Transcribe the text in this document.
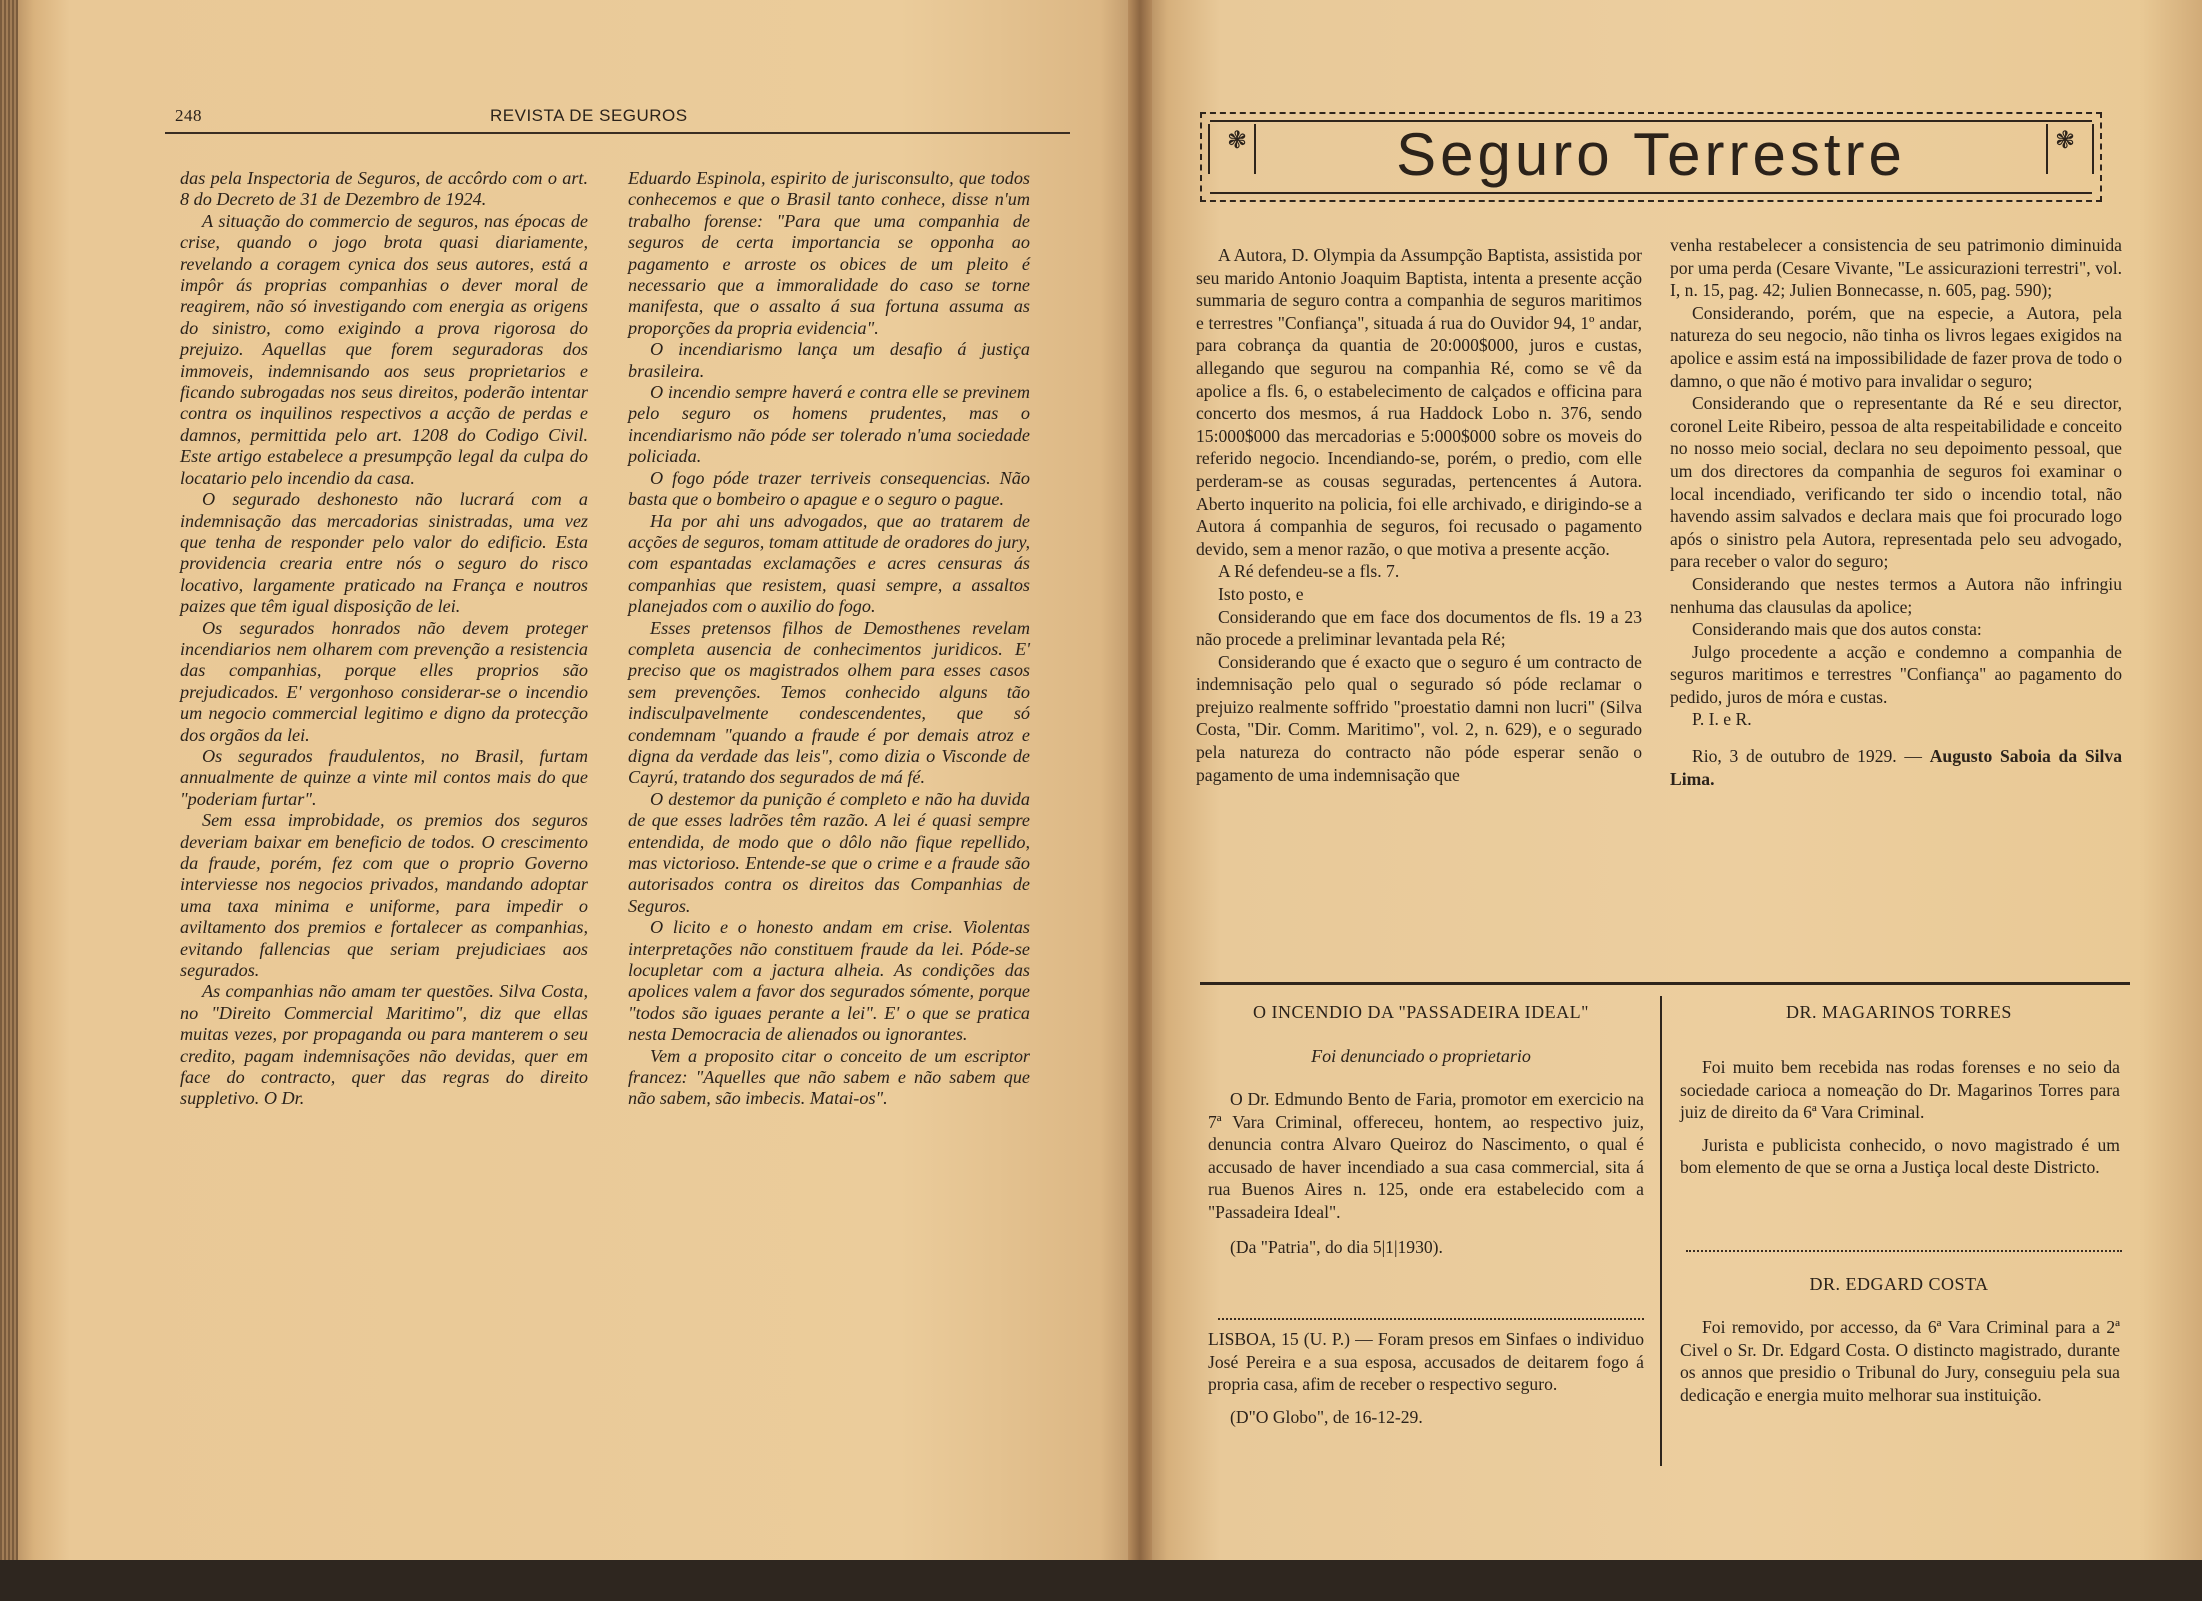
248	REVISTA DE SEGUROS

das pela Inspectoria de Seguros, de accôrdo com o art. 8 do Decreto de 31 de Dezembro de 1924.

A situação do commercio de seguros, nas épocas de crise, quando o jogo brota quasi diariamente, revelando a coragem cynica dos seus autores, está a impôr ás proprias companhias o dever moral de reagirem, não só investigando com energia as origens do sinistro, como exigindo a prova rigorosa do prejuizo. Aquellas que forem seguradoras dos immoveis, indemnisando aos seus proprietarios e ficando subrogadas nos seus direitos, poderão intentar contra os inquilinos respectivos a acção de perdas e damnos, permittida pelo art. 1208 do Codigo Civil. Este artigo estabelece a presumpção legal da culpa do locatario pelo incendio da casa.

O segurado deshonesto não lucrará com a indemnisação das mercadorias sinistradas, uma vez que tenha de responder pelo valor do edificio. Esta providencia crearia entre nós o seguro do risco locativo, largamente praticado na França e noutros paizes que têm igual disposição de lei.

Os segurados honrados não devem proteger incendiarios nem olharem com prevenção a resistencia das companhias, porque elles proprios são prejudicados. E' vergonhoso considerar-se o incendio um negocio commercial legitimo e digno da protecção dos orgãos da lei.

Os segurados fraudulentos, no Brasil, furtam annualmente de quinze a vinte mil contos mais do que "poderiam furtar".

Sem essa improbidade, os premios dos seguros deveriam baixar em beneficio de todos. O crescimento da fraude, porém, fez com que o proprio Governo interviesse nos negocios privados, mandando adoptar uma taxa minima e uniforme, para impedir o aviltamento dos premios e fortalecer as companhias, evitando fallencias que seriam prejudiciaes aos segurados.

As companhias não amam ter questões. Silva Costa, no "Direito Commercial Maritimo", diz que ellas muitas vezes, por propaganda ou para manterem o seu credito, pagam indemnisações não devidas, quer em face do contracto, quer das regras do direito suppletivo. O Dr.

Eduardo Espinola, espirito de jurisconsulto, que todos conhecemos e que o Brasil tanto conhece, disse n'um trabalho forense: "Para que uma companhia de seguros de certa importancia se opponha ao pagamento e arroste os obices de um pleito é necessario que a immoralidade do caso se torne manifesta, que o assalto á sua fortuna assuma as proporções da propria evidencia".

O incendiarismo lança um desafio á justiça brasileira.

O incendio sempre haverá e contra elle se previnem pelo seguro os homens prudentes, mas o incendiarismo não póde ser tolerado n'uma sociedade policiada.

O fogo póde trazer terriveis consequencias. Não basta que o bombeiro o apague e o seguro o pague.

Ha por ahi uns advogados, que ao tratarem de acções de seguros, tomam attitude de oradores do jury, com espantadas exclamações e acres censuras ás companhias que resistem, quasi sempre, a assaltos planejados com o auxilio do fogo.

Esses pretensos filhos de Demosthenes revelam completa ausencia de conhecimentos juridicos. E' preciso que os magistrados olhem para esses casos sem prevenções. Temos conhecido alguns tão indisculpavelmente condescendentes, que só condemnam "quando a fraude é por demais atroz e digna da verdade das leis", como dizia o Visconde de Cayrú, tratando dos segurados de má fé.

O destemor da punição é completo e não ha duvida de que esses ladrões têm razão. A lei é quasi sempre entendida, de modo que o dôlo não fique repellido, mas victorioso. Entende-se que o crime e a fraude são autorisados contra os direitos das Companhias de Seguros.

O licito e o honesto andam em crise. Violentas interpretações não constituem fraude da lei. Póde-se locupletar com a jactura alheia. As condições das apolices valem a favor dos segurados sómente, porque "todos são iguaes perante a lei". E' o que se pratica nesta Democracia de alienados ou ignorantes.

Vem a proposito citar o conceito de um escriptor francez: "Aquelles que não sabem e não sabem que não sabem, são imbecis. Matai-os".

❃	❃
Seguro Terrestre

A Autora, D. Olympia da Assumpção Baptista, assistida por seu marido Antonio Joaquim Baptista, intenta a presente acção summaria de seguro contra a companhia de seguros maritimos e terrestres "Confiança", situada á rua do Ouvidor 94, 1º andar, para cobrança da quantia de 20:000$000, juros e custas, allegando que segurou na companhia Ré, como se vê da apolice a fls. 6, o estabelecimento de calçados e officina para concerto dos mesmos, á rua Haddock Lobo n. 376, sendo 15:000$000 das mercadorias e 5:000$000 sobre os moveis do referido negocio. Incendiando-se, porém, o predio, com elle perderam-se as cousas seguradas, pertencentes á Autora. Aberto inquerito na policia, foi elle archivado, e dirigindo-se a Autora á companhia de seguros, foi recusado o pagamento devido, sem a menor razão, o que motiva a presente acção.

A Ré defendeu-se a fls. 7.

Isto posto, e

Considerando que em face dos documentos de fls. 19 a 23 não procede a preliminar levantada pela Ré;

Considerando que é exacto que o seguro é um contracto de indemnisação pelo qual o segurado só póde reclamar o prejuizo realmente soffrido "proestatio damni non lucri" (Silva Costa, "Dir. Comm. Maritimo", vol. 2, n. 629), e o segurado pela natureza do contracto não póde esperar senão o pagamento de uma indemnisação que

venha restabelecer a consistencia de seu patrimonio diminuida por uma perda (Cesare Vivante, "Le assicurazioni terrestri", vol. I, n. 15, pag. 42; Julien Bonnecasse, n. 605, pag. 590);

Considerando, porém, que na especie, a Autora, pela natureza do seu negocio, não tinha os livros legaes exigidos na apolice e assim está na impossibilidade de fazer prova de todo o damno, o que não é motivo para invalidar o seguro;

Considerando que o representante da Ré e seu director, coronel Leite Ribeiro, pessoa de alta respeitabilidade e conceito no nosso meio social, declara no seu depoimento pessoal, que um dos directores da companhia de seguros foi examinar o local incendiado, verificando ter sido o incendio total, não havendo assim salvados e declara mais que foi procurado logo após o sinistro pela Autora, representada pelo seu advogado, para receber o valor do seguro;

Considerando que nestes termos a Autora não infringiu nenhuma das clausulas da apolice;

Considerando mais que dos autos consta:

Julgo procedente a acção e condemno a companhia de seguros maritimos e terrestres "Confiança" ao pagamento do pedido, juros de móra e custas.

P. I. e R.

Rio, 3 de outubro de 1929. — Augusto Saboia da Silva Lima.

O INCENDIO DA "PASSADEIRA IDEAL"
Foi denunciado o proprietario

O Dr. Edmundo Bento de Faria, promotor em exercicio na 7ª Vara Criminal, offereceu, hontem, ao respectivo juiz, denuncia contra Alvaro Queiroz do Nascimento, o qual é accusado de haver incendiado a sua casa commercial, sita á rua Buenos Aires n. 125, onde era estabelecido com a "Passadeira Ideal".

(Da "Patria", do dia 5|1|1930).

LISBOA, 15 (U. P.) — Foram presos em Sinfaes o individuo José Pereira e a sua esposa, accusados de deitarem fogo á propria casa, afim de receber o respectivo seguro.

(D"O Globo", de 16-12-29.

DR. MAGARINOS TORRES

Foi muito bem recebida nas rodas forenses e no seio da sociedade carioca a nomeação do Dr. Magarinos Torres para juiz de direito da 6ª Vara Criminal.

Jurista e publicista conhecido, o novo magistrado é um bom elemento de que se orna a Justiça local deste Districto.

DR. EDGARD COSTA

Foi removido, por accesso, da 6ª Vara Criminal para a 2ª Civel o Sr. Dr. Edgard Costa. O distincto magistrado, durante os annos que presidio o Tribunal do Jury, conseguiu pela sua dedicação e energia muito melhorar sua instituição.
